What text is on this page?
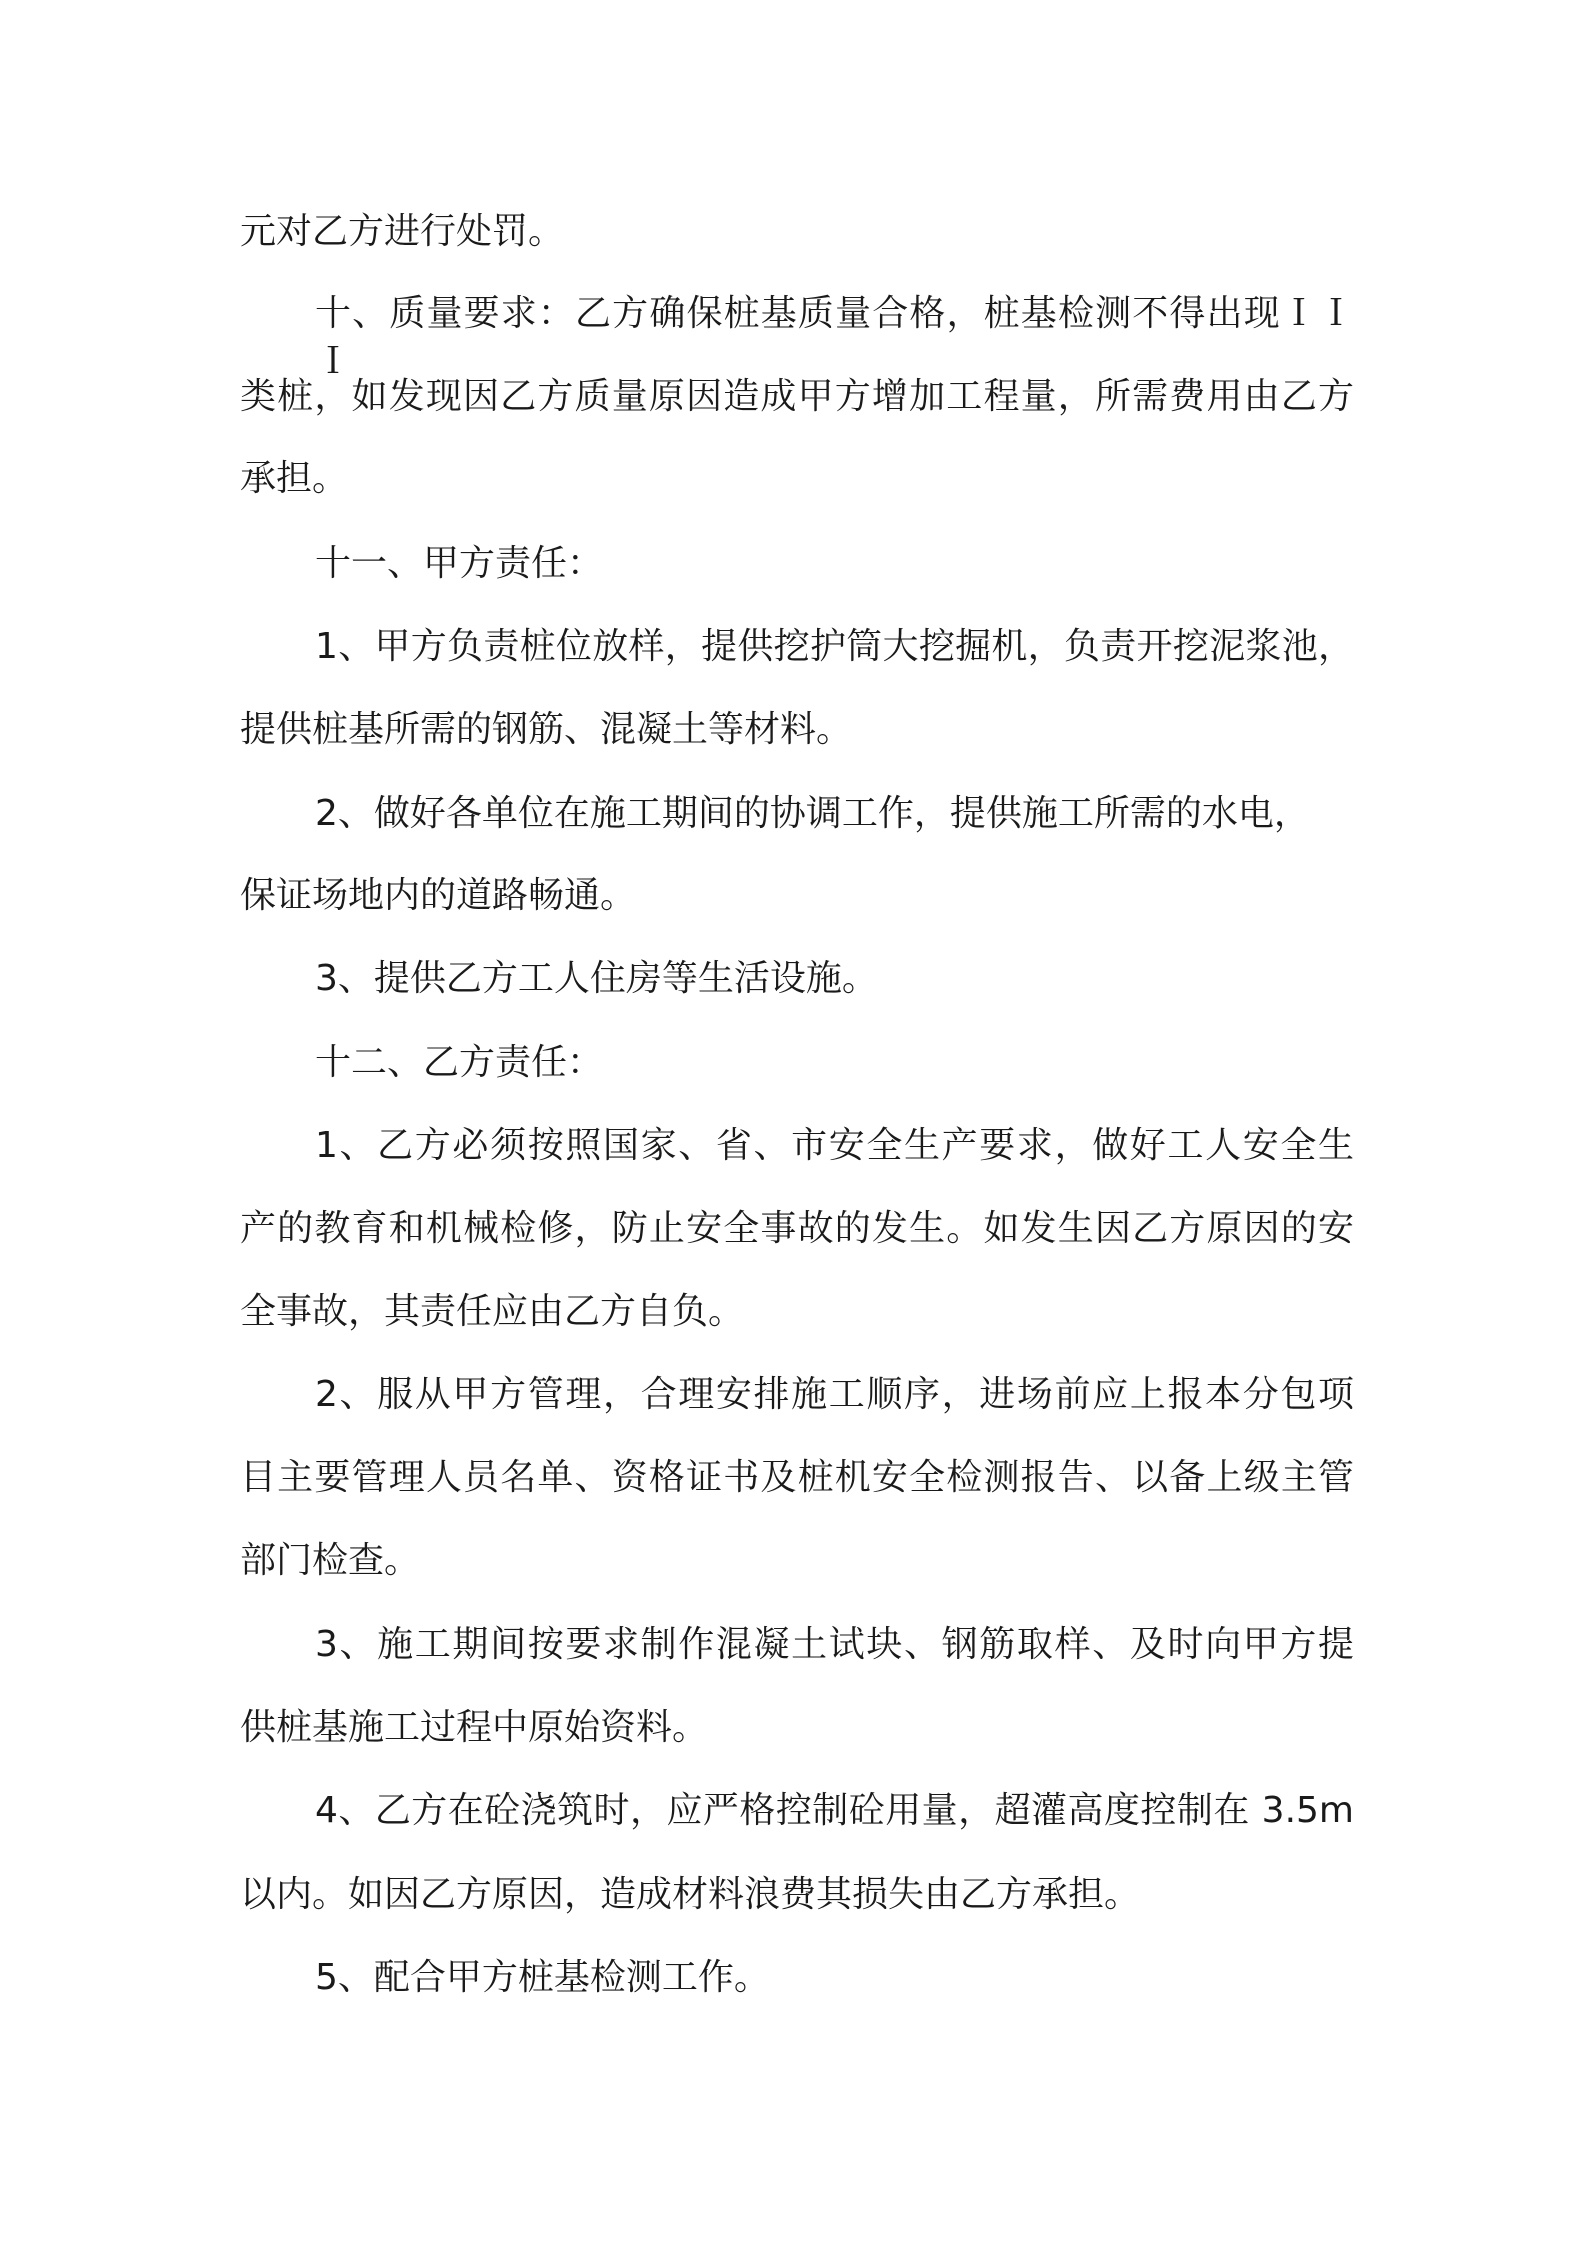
元对乙方进行处罚。
十、质量要求：乙方确保桩基质量合格，桩基检测不得出现ＩＩＩ
类桩，如发现因乙方质量原因造成甲方增加工程量，所需费用由乙方
承担。
十一、甲方责任：
1、甲方负责桩位放样，提供挖护筒大挖掘机，负责开挖泥浆池，
提供桩基所需的钢筋、混凝土等材料。
2、做好各单位在施工期间的协调工作，提供施工所需的水电，
保证场地内的道路畅通。
3、提供乙方工人住房等生活设施。
十二、乙方责任：
1、乙方必须按照国家、省、市安全生产要求，做好工人安全生
产的教育和机械检修，防止安全事故的发生。如发生因乙方原因的安
全事故，其责任应由乙方自负。
2、服从甲方管理，合理安排施工顺序，进场前应上报本分包项
目主要管理人员名单、资格证书及桩机安全检测报告、以备上级主管
部门检查。
3、施工期间按要求制作混凝土试块、钢筋取样、及时向甲方提
供桩基施工过程中原始资料。
4、乙方在砼浇筑时，应严格控制砼用量，超灌高度控制在 3.5m
以内。如因乙方原因，造成材料浪费其损失由乙方承担。
5、配合甲方桩基检测工作。
